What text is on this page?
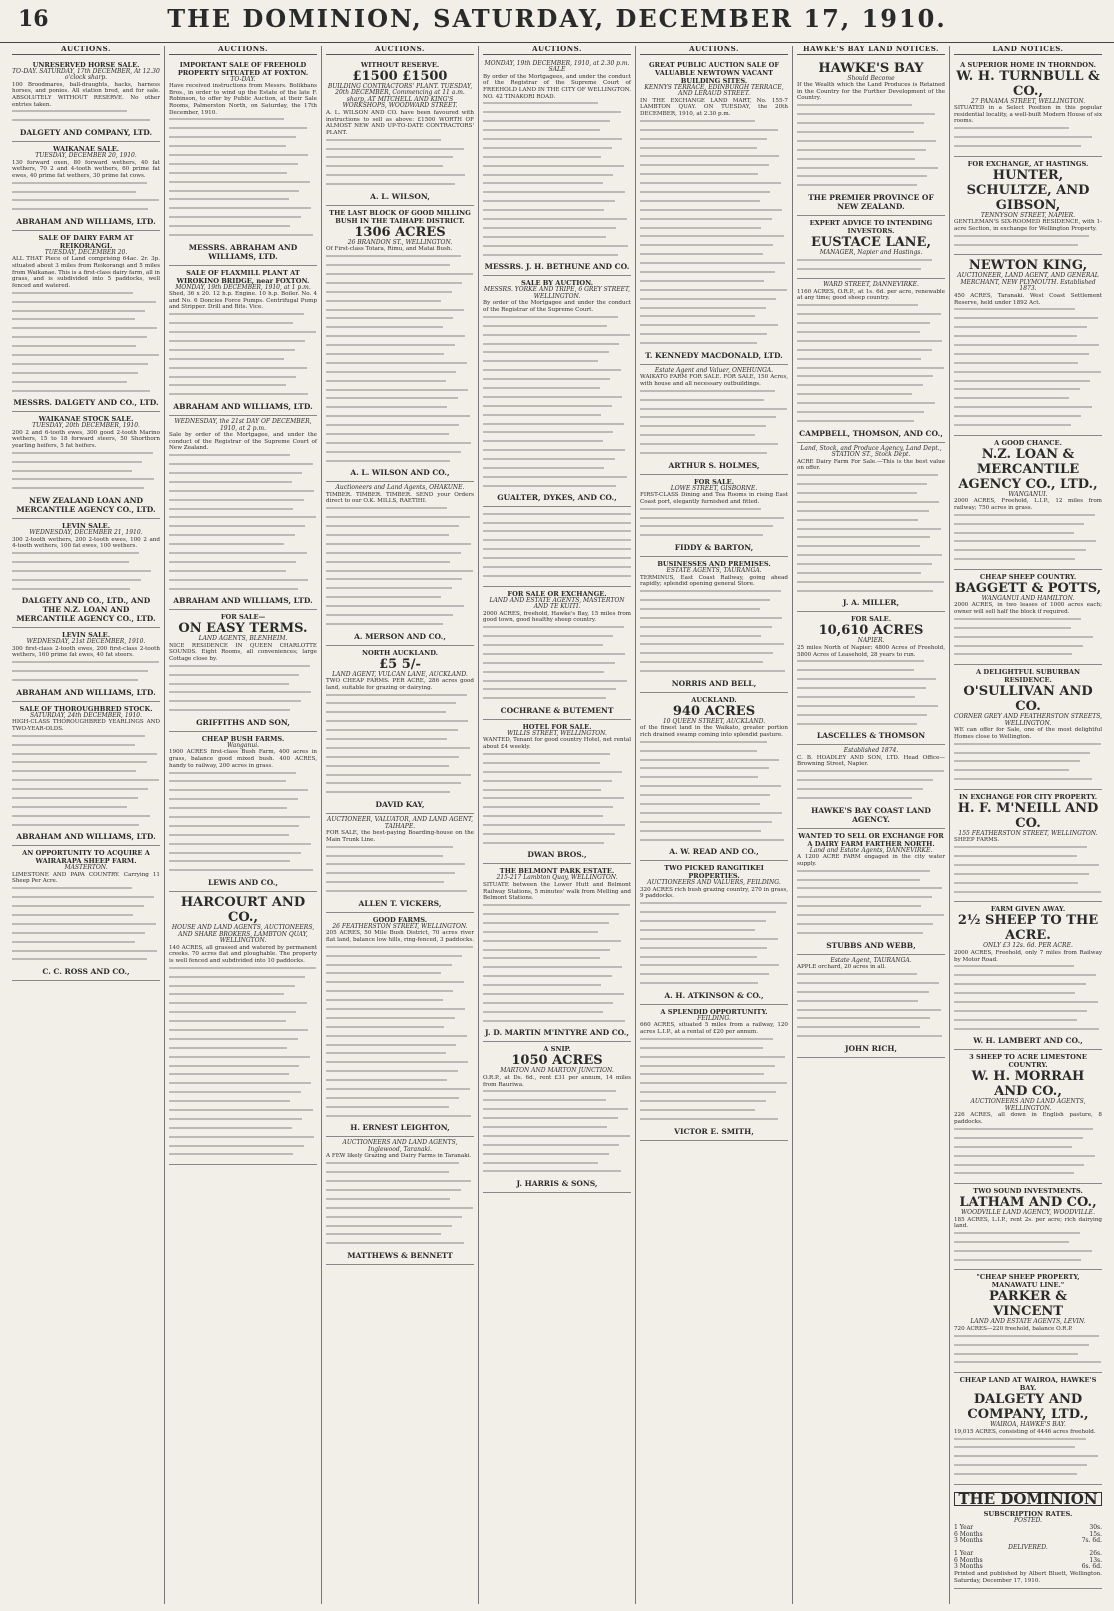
16	THE DOMINION, SATURDAY, DECEMBER 17, 1910.
AUCTIONS.
UNRESERVED HORSE SALE.
TO-DAY. SATURDAY, 17th DECEMBER, At 12.30 o'clock sharp.
100 Broodmares, ball-draughts, hacks, harness horses, and ponies. All station bred, and for sale. ABSOLUTELY WITHOUT RESERVE. No other entries taken.
DALGETY AND COMPANY, LTD.
WAIKANAE SALE.
TUESDAY, DECEMBER 20, 1910.
130 forward oxen, 80 forward wethers, 40 fat wethers, 70 2 and 4-tooth wethers, 60 prime fat ewes, 40 prime fat wethers, 30 prime fat cows.
ABRAHAM AND WILLIAMS, LTD.
SALE OF DAIRY FARM AT REIKORANGI.
TUESDAY, DECEMBER 20.
ALL THAT Piece of Land comprising 64ac. 2r. 3p. situated about 3 miles from Reikorangi and 5 miles from Waikanae. This is a first-class dairy farm, all in grass, and is subdivided into 5 paddocks, well fenced and watered.
MESSRS. DALGETY AND CO., LTD.
WAIKANAE STOCK SALE.
TUESDAY, 20th DECEMBER, 1910.
200 2 and 6-tooth ewes, 300 good 2-tooth Marino wethers, 15 to 18 forward steers, 50 Shorthorn yearling heifers, 5 fat heifers.
NEW ZEALAND LOAN AND MERCANTILE AGENCY CO., LTD.
LEVIN SALE.
WEDNESDAY, DECEMBER 21, 1910.
300 2-tooth wethers, 200 2-tooth ewes, 100 2 and 4-tooth wethers, 100 fat ewes, 100 wethers.
DALGETY AND CO., LTD., AND THE N.Z. LOAN AND MERCANTILE AGENCY CO., LTD.
LEVIN SALE.
WEDNESDAY, 21st DECEMBER, 1910.
300 first-class 2-tooth ewes, 200 first-class 2-tooth wethers, 160 prime fat ewes, 40 fat steers.
ABRAHAM AND WILLIAMS, LTD.
SALE OF THOROUGHBRED STOCK.
SATURDAY, 24th DECEMBER, 1910.
HIGH-CLASS THOROUGHBRED YEARLINGS AND TWO-YEAR-OLDS.
ABRAHAM AND WILLIAMS, LTD.
AN OPPORTUNITY TO ACQUIRE A WAIRARAPA SHEEP FARM.
MASTERTON.
LIMESTONE AND PAPA COUNTRY. Carrying 11 Sheep Per Acre.
C. C. ROSS AND CO.,
AUCTIONS.
IMPORTANT SALE OF FREEHOLD PROPERTY SITUATED AT FOXTON.
TO-DAY.
Have received instructions from Messrs. Bolikbans Bros., in order to wind up the Estate of the late F. Robinson, to offer by Public Auction, at their Sale Rooms, Palmerston North, on Saturday, the 17th December, 1910.
MESSRS. ABRAHAM AND WILLIAMS, LTD.
SALE OF FLAXMILL PLANT AT WIROKINO BRIDGE, near FOXTON.
MONDAY, 19th DECEMBER, 1910, at 1 p.m.
Shed, 36 x 20. 12 h.p. Engine. 10 h.p. Boiler. No. 4 and No. 6 Doncies Force Pumps. Centrifugal Pump and Stripper. Drill and Bits. Vice.
ABRAHAM AND WILLIAMS, LTD.
WEDNESDAY, the 21st DAY OF DECEMBER, 1910, at 2 p.m.
Sale by order of the Mortgagee, and under the conduct of the Registrar of the Supreme Court of New Zealand.
ABRAHAM AND WILLIAMS, LTD.
FOR SALE—
ON EASY TERMS.
LAND AGENTS, BLENHEIM.
NICE RESIDENCE IN QUEEN CHARLOTTE SOUNDS. Eight Rooms, all conveniences; large Cottage close by.
GRIFFITHS AND SON,
CHEAP BUSH FARMS.
Wanganui.
1900 ACRES first-class Bush Farm, 400 acres in grass, balance good mixed bush. 400 ACRES, handy to railway, 200 acres in grass.
LEWIS AND CO.,
HARCOURT AND CO.,
HOUSE AND LAND AGENTS, AUCTIONEERS, AND SHARE BROKERS, LAMBTON QUAY, WELLINGTON.
140 ACRES, all grassed and watered by permanent creeks. 70 acres flat and ploughable. The property is well fenced and subdivided into 10 paddocks.
AUCTIONS.
WITHOUT RESERVE.
£1500 £1500
BUILDING CONTRACTORS' PLANT. TUESDAY, 20th DECEMBER, Commencing at 11 a.m. sharp, AT MITCHELL AND KING'S WORKSHOPS, WOODWARD STREET.
A. L. WILSON AND CO. have been favoured with instructions to sell as above: £1500 WORTH OF ALMOST NEW AND UP-TO-DATE CONTRACTORS' PLANT.
A. L. WILSON,
THE LAST BLOCK OF GOOD MILLING BUSH IN THE TAIHAPE DISTRICT.
1306 ACRES
26 BRANDON ST., WELLINGTON.
Of First-class Totara, Rimu, and Matai Bush.
A. L. WILSON AND CO.,
Auctioneers and Land Agents, OHAKUNE.
TIMBER. TIMBER. TIMBER. SEND your Orders direct to our O.K. MILLS, RAETIHI.
A. MERSON AND CO.,
NORTH AUCKLAND.
£5 5/-
LAND AGENT, VULCAN LANE, AUCKLAND.
TWO CHEAP FARMS. PER ACRE, 286 acres good land, suitable for grazing or dairying.
DAVID KAY,
AUCTIONEER, VALUATOR, AND LAND AGENT, TAIHAPE.
FOR SALE, the best-paying Boarding-house on the Main Trunk Line.
ALLEN T. VICKERS,
GOOD FARMS.
26 FEATHERSTON STREET, WELLINGTON.
205 ACRES, 50 Mile Bush District, 70 acres river flat land, balance low hills, ring-fenced, 3 paddocks.
H. ERNEST LEIGHTON,
AUCTIONEERS AND LAND AGENTS, Inglewood, Taranaki.
A FEW likely Grazing and Dairy Farms in Taranaki.
MATTHEWS & BENNETT
AUCTIONS.
MONDAY, 19th DECEMBER, 1910, at 2.30 p.m. SALE
By order of the Mortgagees, and under the conduct of the Registrar of the Supreme Court of FREEHOLD LAND IN THE CITY OF WELLINGTON. NO. 42 TINAKORI ROAD.
MESSRS. J. H. BETHUNE AND CO.
SALE BY AUCTION.
MESSRS. YORKE AND TRIPE, 6 GREY STREET, WELLINGTON.
By order of the Mortgagee and under the conduct of the Registrar of the Supreme Court.
GUALTER, DYKES, AND CO.,
FOR SALE OR EXCHANGE.
LAND AND ESTATE AGENTS, MASTERTON AND TE KUITI.
2000 ACRES, freehold, Hawke's Bay, 15 miles from good town, good healthy sheep country.
COCHRANE & BUTEMENT
HOTEL FOR SALE.
WILLIS STREET, WELLINGTON.
WANTED, Tenant for good country Hotel, net rental about £4 weekly.
DWAN BROS.,
THE BELMONT PARK ESTATE.
215-217 Lambton Quay, WELLINGTON.
SITUATE between the Lower Hutt and Belmont Railway Stations, 5 minutes' walk from Melling and Belmont Stations.
J. D. MARTIN M'INTYRE AND CO.,
A SNIP.
1050 ACRES
MARTON AND MARTON JUNCTION.
O.R.P., at Ds. 6d., rent £31 per annum, 14 miles from Rauriwa.
J. HARRIS & SONS,
AUCTIONS.
GREAT PUBLIC AUCTION SALE OF VALUABLE NEWTOWN VACANT BUILDING SITES.
KENNYS TERRACE, EDINBURGH TERRACE, AND LERAUD STREET.
IN THE EXCHANGE LAND MART, No. 155-7 LAMBTON QUAY. ON TUESDAY, the 20th DECEMBER, 1910, at 2.30 p.m.
T. KENNEDY MACDONALD, LTD.
Estate Agent and Valuer, ONEHUNGA.
WAIKATO FARM FOR SALE. FOR SALE, 150 Acres, with house and all necessary outbuildings.
ARTHUR S. HOLMES,
FOR SALE.
LOWE STREET, GISBORNE.
FIRST-CLASS Dining and Tea Rooms in rising East Coast port, elegantly furnished and fitted.
FIDDY & BARTON,
BUSINESSES AND PREMISES.
ESTATE AGENTS, TAURANGA.
TERMINUS, East Coast Railway, going ahead rapidly; splendid opening general Store.
NORRIS AND BELL,
AUCKLAND.
940 ACRES
10 QUEEN STREET, AUCKLAND.
of the finest land in the Waikato, greater portion rich drained swamp coming into splendid pasture.
A. W. READ AND CO.,
TWO PICKED RANGITIKEI PROPERTIES.
AUCTIONEERS AND VALUERS, FEILDING.
320 ACRES rich bush grazing country, 270 in grass, 9 paddocks.
A. H. ATKINSON & CO.,
A SPLENDID OPPORTUNITY.
FEILDING.
660 ACRES, situated 5 miles from a railway, 120 acres L.I.P., at a rental of £20 per annum.
VICTOR E. SMITH,
HAWKE'S BAY LAND NOTICES.
HAWKE'S BAY
Should Become
If the Wealth which the Land Produces is Retained in the Country for the Further Development of the Country.
THE PREMIER PROVINCE OF NEW ZEALAND.
EXPERT ADVICE TO INTENDING INVESTORS.
EUSTACE LANE,
MANAGER, Napier and Hastings.
WARD STREET, DANNEVIRKE.
1160 ACRES, O.R.P., at 1s. 6d. per acre, renewable at any time; good sheep country.
CAMPBELL, THOMSON, AND CO.,
Land, Stock, and Produce Agency, Land Dept., STATION ST., Stock Dept.
ACRE Dairy Farm For Sale.—This is the best value on offer.
J. A. MILLER,
FOR SALE.
10,610 ACRES
NAPIER.
25 miles North of Napier; 4800 Acres of Freehold, 5800 Acres of Leasehold, 28 years to run.
LASCELLES & THOMSON
Established 1874.
C. B. HOADLEY AND SON, LTD. Head Office—Browning Street, Napier.
HAWKE'S BAY COAST LAND AGENCY.
WANTED TO SELL OR EXCHANGE FOR A DAIRY FARM FARTHER NORTH.
Land and Estate Agents, DANNEVIRKE.
A 1200 ACRE FARM engaged in the city water supply.
STUBBS AND WEBB,
Estate Agent, TAURANGA.
APPLE orchard, 20 acres in all.
JOHN RICH,
LAND NOTICES.
A SUPERIOR HOME IN THORNDON.
W. H. TURNBULL & CO.,
27 PANAMA STREET, WELLINGTON.
SITUATED in a Select Position in this popular residential locality, a well-built Modern House of six rooms.
FOR EXCHANGE, AT HASTINGS.
HUNTER, SCHULTZE, AND GIBSON,
TENNYSON STREET, NAPIER.
GENTLEMAN'S SIX-ROOMED RESIDENCE, with 1-acre Section, in exchange for Wellington Property.
NEWTON KING,
AUCTIONEER, LAND AGENT, AND GENERAL MERCHANT, NEW PLYMOUTH. Established 1873.
450 ACRES, Taranaki. West Coast Settlement Reserve, held under 1892 Act.
A GOOD CHANCE.
N.Z. LOAN & MERCANTILE AGENCY CO., LTD.,
WANGANUI.
2000 ACRES, Freehold, L.I.P., 12 miles from railway; 750 acres in grass.
CHEAP SHEEP COUNTRY.
BAGGETT & POTTS,
WANGANUI AND HAMILTON.
2000 ACRES, in two leases of 1000 acres each; owner will sell half the block if required.
A DELIGHTFUL SUBURBAN RESIDENCE.
O'SULLIVAN AND CO.
CORNER GREY AND FEATHERSTON STREETS, WELLINGTON.
WE can offer for Sale, one of the most delightful Homes close to Wellington.
IN EXCHANGE FOR CITY PROPERTY.
H. F. M'NEILL AND CO.
155 FEATHERSTON STREET, WELLINGTON.
SHEEP FARMS.
FARM GIVEN AWAY.
2½ SHEEP TO THE ACRE.
ONLY £3 12s. 6d. PER ACRE.
2000 ACRES, Freehold, only 7 miles from Railway by Motor Road.
W. H. LAMBERT AND CO.,
3 SHEEP TO ACRE LIMESTONE COUNTRY.
W. H. MORRAH AND CO.,
AUCTIONEERS AND LAND AGENTS, WELLINGTON.
226 ACRES, all down in English pasture, 8 paddocks.
TWO SOUND INVESTMENTS.
LATHAM AND CO.,
WOODVILLE LAND AGENCY, WOODVILLE.
185 ACRES, L.I.P., rent 2s. per acre; rich dairying land.
"CHEAP SHEEP PROPERTY, MANAWATU LINE."
PARKER & VINCENT
LAND AND ESTATE AGENTS, LEVIN.
720 ACRES—220 freehold, balance O.R.P.
CHEAP LAND AT WAIROA, HAWKE'S BAY.
DALGETY AND COMPANY, LTD.,
WAIROA, HAWKE'S BAY.
19,015 ACRES, consisting of 4446 acres freehold.
THE DOMINION
SUBSCRIPTION RATES.
POSTED.
1 Year	30s.
6 Months	15s.
3 Months	7s. 6d.
DELIVERED.
1 Year	26s.
6 Months	13s.
3 Months	6s. 6d.
Printed and published by Albert Bluett, Wellington. Saturday, December 17, 1910.
